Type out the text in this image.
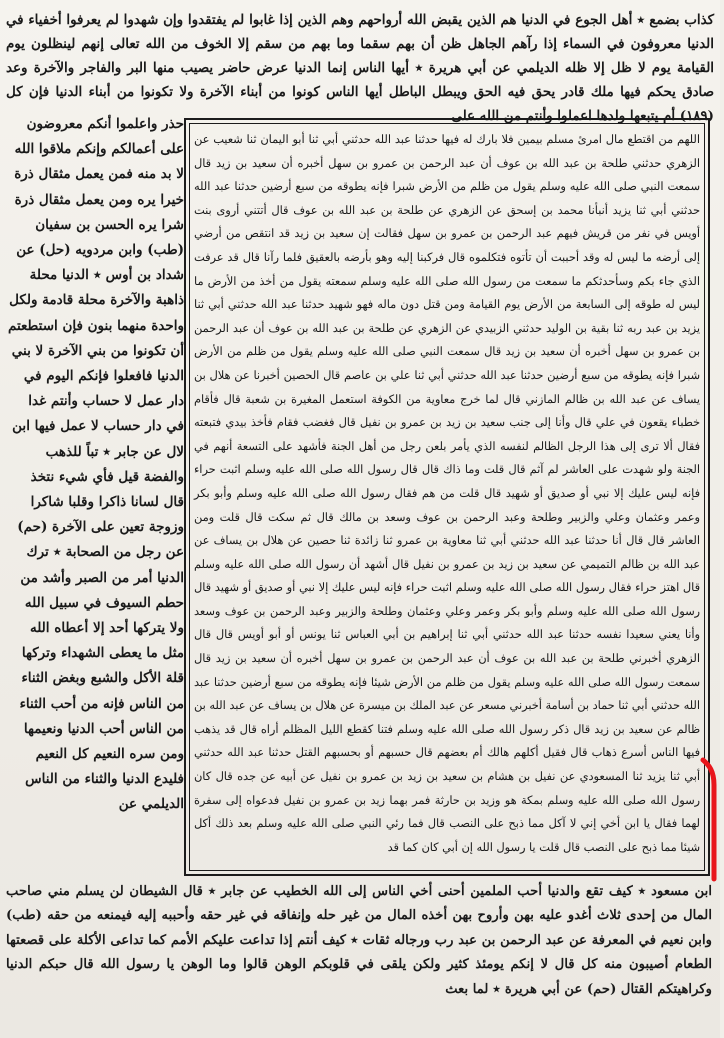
كذاب بضمع ٭ أهل الجوع في الدنيا هم الذين يقبض الله أرواحهم وهم الذين إذا غابوا لم يفتقدوا وإن شهدوا لم يعرفوا أخفياء في الدنيا معروفون في السماء إذا رآهم الجاهل ظن أن بهم سقما وما بهم من سقم إلا الخوف من الله تعالى إنهم لينظلون يوم القيامة يوم لا ظل إلا ظله الديلمي عن أبي هريرة ٭ أيها الناس إنما الدنيا عرض حاضر يصيب منها البر والفاجر والآخرة وعد صادق يحكم فيها ملك قادر يحق فيه الحق ويبطل الباطل أيها الناس كونوا من أبناء الآخرة ولا تكونوا من أبناء الدنيا فإن كل (١٨٩) أم يتبعها ولدها اعملوا وأنتم من الله على
حذر واعلموا أنكم معروضون على أعمالكم وإنكم ملاقوا الله لا بد منه فمن يعمل مثقال ذرة خيرا يره ومن يعمل مثقال ذرة شرا يره الحسن بن سفيان (طب) وابن مردويه (حل) عن شداد بن أوس ٭ الدنيا محلة ذاهبة والآخرة محلة قادمة ولكل واحدة منهما بنون فإن استطعتم أن تكونوا من بني الآخرة لا بني الدنيا فافعلوا فإنكم اليوم في دار عمل لا حساب وأنتم غدا في دار حساب لا عمل فيها ابن لال عن جابر ٭ تباً للذهب والفضة قيل فأي شيء نتخذ قال لسانا ذاكرا وقلبا شاكرا وزوجة تعين على الآخرة (حم) عن رجل من الصحابة ٭ ترك الدنيا أمر من الصبر وأشد من حطم السيوف في سبيل الله ولا يتركها أحد إلا أعطاه الله مثل ما يعطى الشهداء وتركها قلة الأكل والشبع وبغض الثناء من الناس فإنه من أحب الثناء من الناس أحب الدنيا ونعيمها ومن سره النعيم كل النعيم فليدع الدنيا والثناء من الناس الديلمي عن
اللهم من اقتطع مال امرئ مسلم بيمين فلا بارك له فيها حدثنا عبد الله حدثني أبي ثنا أبو اليمان ثنا شعيب عن الزهري حدثني طلحة بن عبد الله بن عوف أن عبد الرحمن بن عمرو بن سهل أخبره أن سعيد بن زيد قال سمعت النبي صلى الله عليه وسلم يقول من ظلم من الأرض شبرا فإنه يطوقه من سبع أرضين حدثنا عبد الله حدثني أبي ثنا يزيد أنبأنا محمد بن إسحق عن الزهري عن طلحة بن عبد الله بن عوف قال أتتني أروى بنت أويس في نفر من قريش فيهم عبد الرحمن بن عمرو بن سهل فقالت إن سعيد بن زيد قد انتقص من أرضي إلى أرضه ما ليس له وقد أحببت أن تأتوه فتكلموه قال فركبنا إليه وهو بأرضه بالعقيق فلما رآنا قال قد عرفت الذي جاء بكم وسأحدثكم ما سمعت من رسول الله صلى الله عليه وسلم سمعته يقول من أخذ من الأرض ما ليس له طوقه إلى السابعة من الأرض يوم القيامة ومن قتل دون ماله فهو شهيد حدثنا عبد الله حدثني أبي ثنا يزيد بن عبد ربه ثنا بقية بن الوليد حدثني الزبيدي عن الزهري عن طلحة بن عبد الله بن عوف أن عبد الرحمن بن عمرو بن سهل أخبره أن سعيد بن زيد قال سمعت النبي صلى الله عليه وسلم يقول من ظلم من الأرض شبرا فإنه يطوقه من سبع أرضين حدثنا عبد الله حدثني أبي ثنا علي بن عاصم قال الحصين أخبرنا عن هلال بن يساف عن عبد الله بن ظالم المازني قال لما خرج معاوية من الكوفة استعمل المغيرة بن شعبة قال فأقام خطباء يقعون في علي قال وأنا إلى جنب سعيد بن زيد بن عمرو بن نفيل قال فغضب فقام فأخذ بيدي فتبعته فقال ألا ترى إلى هذا الرجل الظالم لنفسه الذي يأمر بلعن رجل من أهل الجنة فأشهد على التسعة أنهم في الجنة ولو شهدت على العاشر لم آثم قال قلت وما ذاك قال قال رسول الله صلى الله عليه وسلم اثبت حراء فإنه ليس عليك إلا نبي أو صديق أو شهيد قال قلت من هم فقال رسول الله صلى الله عليه وسلم وأبو بكر وعمر وعثمان وعلي والزبير وطلحة وعبد الرحمن بن عوف وسعد بن مالك قال ثم سكت قال قلت ومن العاشر قال قال أنا حدثنا عبد الله حدثني أبي ثنا معاوية بن عمرو ثنا زائدة ثنا حصين عن هلال بن يساف عن عبد الله بن ظالم التميمي عن سعيد بن زيد بن عمرو بن نفيل قال أشهد أن رسول الله صلى الله عليه وسلم قال اهتز حراء فقال رسول الله صلى الله عليه وسلم اثبت حراء فإنه ليس عليك إلا نبي أو صديق أو شهيد قال رسول الله صلى الله عليه وسلم وأبو بكر وعمر وعلي وعثمان وطلحة والزبير وعبد الرحمن بن عوف وسعد وأنا يعني سعيدا نفسه حدثنا عبد الله حدثني أبي ثنا إبراهيم بن أبي العباس ثنا يونس أو أبو أويس قال قال الزهري أخبرني طلحة بن عبد الله بن عوف أن عبد الرحمن بن عمرو بن سهل أخبره أن سعيد بن زيد قال سمعت رسول الله صلى الله عليه وسلم يقول من ظلم من الأرض شيئا فإنه يطوقه من سبع أرضين حدثنا عبد الله حدثني أبي ثنا حماد بن أسامة أخبرني مسعر عن عبد الملك بن ميسرة عن هلال بن يساف عن عبد الله بن ظالم عن سعيد بن زيد قال ذكر رسول الله صلى الله عليه وسلم فتنا كقطع الليل المظلم أراه قال قد يذهب فيها الناس أسرع ذهاب قال فقيل أكلهم هالك أم بعضهم قال حسبهم أو بحسبهم القتل حدثنا عبد الله حدثني أبي ثنا يزيد ثنا المسعودي عن نفيل بن هشام بن سعيد بن زيد بن عمرو بن نفيل عن أبيه عن جده قال كان رسول الله صلى الله عليه وسلم بمكة هو وزيد بن حارثة فمر بهما زيد بن عمرو بن نفيل فدعواه إلى سفرة لهما فقال يا ابن أخي إني لا آكل مما ذبح على النصب قال فما رئي النبي صلى الله عليه وسلم بعد ذلك أكل شيئا مما ذبح على النصب قال قلت يا رسول الله إن أبي كان كما قد
ابن مسعود ٭ كيف تقع والدنيا أحب الملمين أحنى أخي الناس إلى الله الخطيب عن جابر ٭ قال الشيطان لن يسلم مني صاحب المال من إحدى ثلاث أغدو عليه بهن وأروح بهن أخذه المال من غير حله وإنفاقه في غير حقه وأحببه إليه فيمنعه من حقه (طب) وابن نعيم في المعرفة عن عبد الرحمن بن عبد رب ورجاله ثقات ٭ كيف أنتم إذا تداعت عليكم الأمم كما تداعى الأكلة على قصعتها الطعام أصيبون منه كل قال لا إنكم يومئذ كثير ولكن يلقى في قلوبكم الوهن قالوا وما الوهن يا رسول الله قال حبكم الدنيا وكراهيتكم القتال (حم) عن أبي هريرة ٭ لما بعث
